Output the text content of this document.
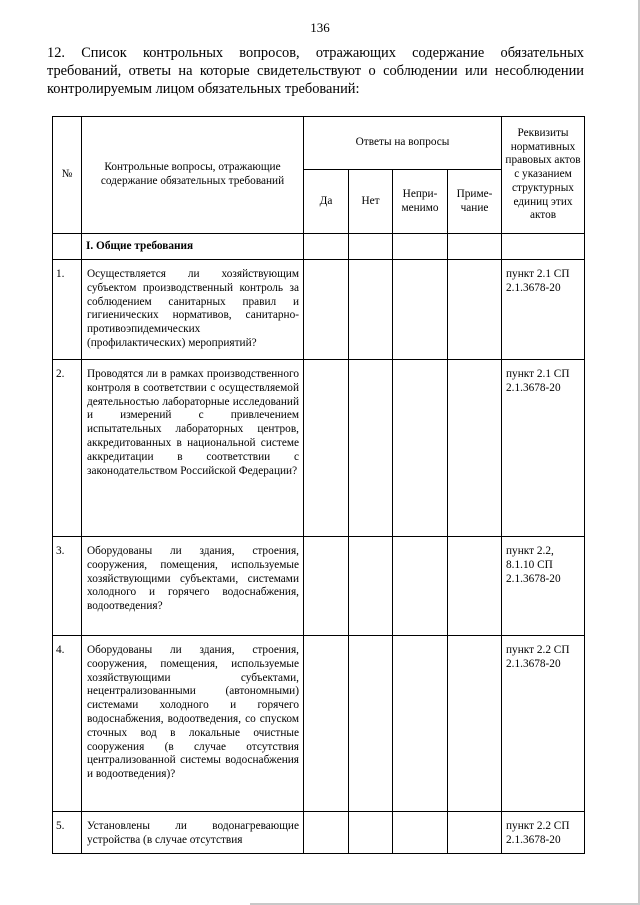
136
12. Список контрольных вопросов, отражающих содержание обязательных требований, ответы на которые свидетельствуют о соблюдении или несоблюдении контролируемым лицом обязательных требований:
№	Контрольные вопросы, отражающие содержание обязательных требований	Ответы на вопросы				Реквизиты нормативных правовых актов с указанием структурных единиц этих актов
		Да	Нет	Непри-менимо	Приме-чание	
	I. Общие требования					
1.	Осуществляется ли хозяйствующим субъектом производственный контроль за соблюдением санитарных правил и гигиенических нормативов, санитарно-противоэпидемических (профилактических) мероприятий?					пункт 2.1 СП 2.1.3678-20
2.	Проводятся ли в рамках производственного контроля в соответствии с осуществляемой деятельностью лабораторные исследований и измерений с привлечением испытательных лабораторных центров, аккредитованных в национальной системе аккредитации в соответствии с законодательством Российской Федерации?					пункт 2.1 СП 2.1.3678-20
3.	Оборудованы ли здания, строения, сооружения, помещения, используемые хозяйствующими субъектами, системами холодного и горячего водоснабжения, водоотведения?					пункт 2.2, 8.1.10 СП 2.1.3678-20
4.	Оборудованы ли здания, строения, сооружения, помещения, используемые хозяйствующими субъектами, нецентрализованными (автономными) системами холодного и горячего водоснабжения, водоотведения, со спуском сточных вод в локальные очистные сооружения (в случае отсутствия централизованной системы водоснабжения и водоотведения)?					пункт 2.2 СП 2.1.3678-20
5.	Установлены ли водонагревающие устройства (в случае отсутствия					пункт 2.2 СП 2.1.3678-20
